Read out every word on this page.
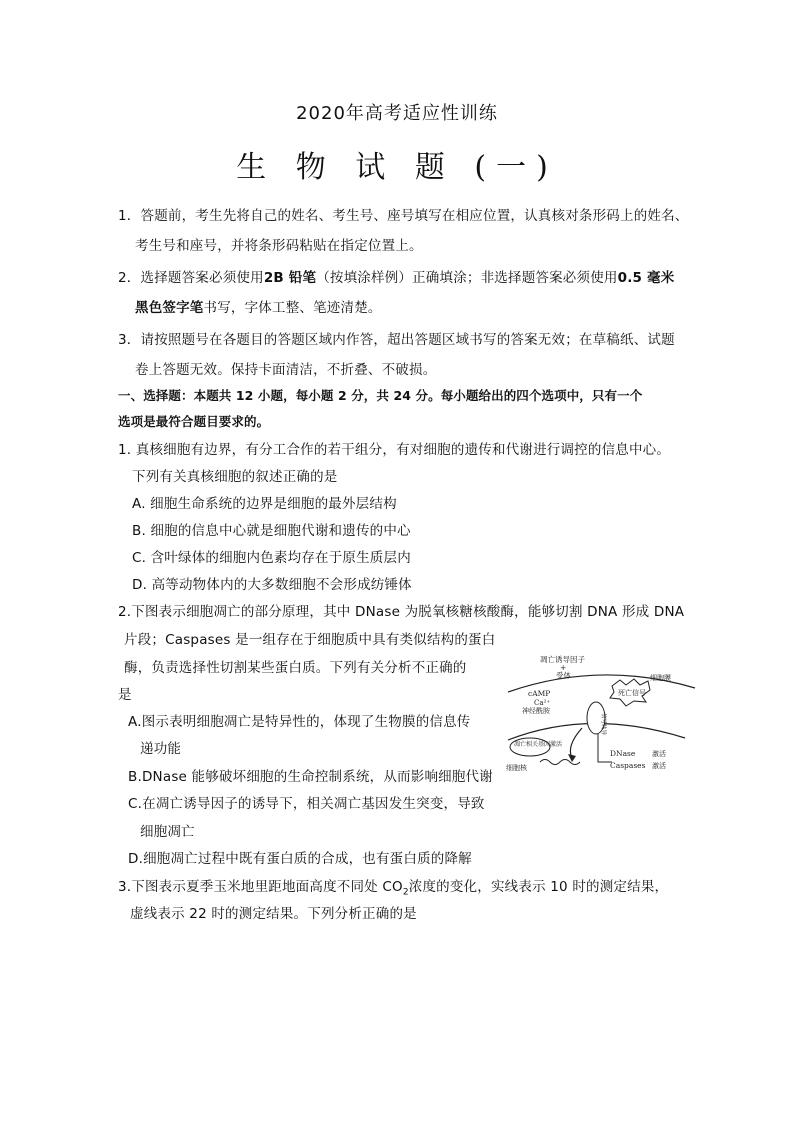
2020年高考适应性训练
生 物 试 题 (一)
1．答题前，考生先将自己的姓名、考生号、座号填写在相应位置，认真核对条形码上的姓名、
考生号和座号，并将条形码粘贴在指定位置上。
2．选择题答案必须使用2B 铅笔（按填涂样例）正确填涂；非选择题答案必须使用0.5 毫米
黑色签字笔书写，字体工整、笔迹清楚。
3．请按照题号在各题目的答题区域内作答，超出答题区域书写的答案无效；在草稿纸、试题
卷上答题无效。保持卡面清洁，不折叠、不破损。
一、选择题：本题共 12 小题，每小题 2 分，共 24 分。每小题给出的四个选项中，只有一个
选项是最符合题目要求的。
1. 真核细胞有边界，有分工合作的若干组分，有对细胞的遗传和代谢进行调控的信息中心。
下列有关真核细胞的叙述正确的是
A. 细胞生命系统的边界是细胞的最外层结构
B. 细胞的信息中心就是细胞代谢和遗传的中心
C. 含叶绿体的细胞内色素均存在于原生质层内
D. 高等动物体内的大多数细胞不会形成纺锤体
2.下图表示细胞凋亡的部分原理，其中 DNase 为脱氧核糖核酸酶，能够切割 DNA 形成 DNA
片段；Caspases 是一组存在于细胞质中具有类似结构的蛋白
酶，负责选择性切割某些蛋白质。下列有关分析不正确的
是
A.图示表明细胞凋亡是特异性的，体现了生物膜的信息传
递功能
B.DNase 能够破坏细胞的生命控制系统，从而影响细胞代谢
C.在凋亡诱导因子的诱导下，相关凋亡基因发生突变，导致
细胞凋亡
D.细胞凋亡过程中既有蛋白质的合成，也有蛋白质的降解
凋亡诱导因子
+
受体	细胞膜
cAMP
Ca²⁺
神经酰胺
死亡信号
信号转导
凋亡相关基因激活
细胞核
DNase
Caspases
激活
激活
3.下图表示夏季玉米地里距地面高度不同处 $CO_2$浓度的变化，实线表示 10 时的测定结果，
虚线表示 22 时的测定结果。下列分析正确的是
